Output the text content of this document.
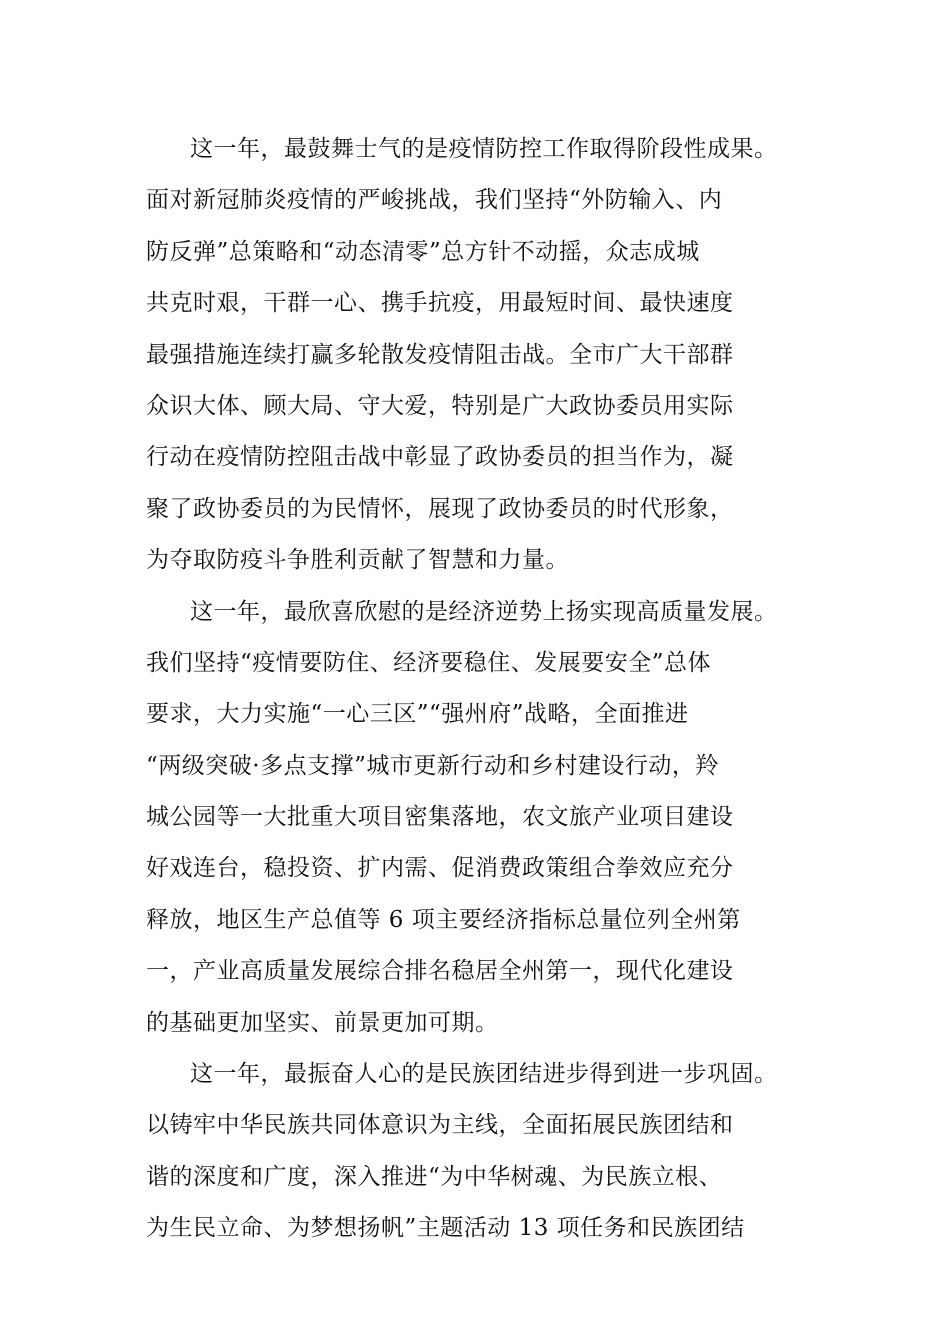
这一年，最鼓舞士气的是疫情防控工作取得阶段性成果。
面对新冠肺炎疫情的严峻挑战，我们坚持“外防输入、内
防反弹”总策略和“动态清零”总方针不动摇，众志成城
共克时艰，干群一心、携手抗疫，用最短时间、最快速度
最强措施连续打赢多轮散发疫情阻击战。全市广大干部群
众识大体、顾大局、守大爱，特别是广大政协委员用实际
行动在疫情防控阻击战中彰显了政协委员的担当作为，凝
聚了政协委员的为民情怀，展现了政协委员的时代形象，
为夺取防疫斗争胜利贡献了智慧和力量。
这一年，最欣喜欣慰的是经济逆势上扬实现高质量发展。
我们坚持“疫情要防住、经济要稳住、发展要安全”总体
要求，大力实施“一心三区”“强州府”战略，全面推进
“两级突破·多点支撑”城市更新行动和乡村建设行动，羚
城公园等一大批重大项目密集落地，农文旅产业项目建设
好戏连台，稳投资、扩内需、促消费政策组合拳效应充分
释放，地区生产总值等 6 项主要经济指标总量位列全州第
一，产业高质量发展综合排名稳居全州第一，现代化建设
的基础更加坚实、前景更加可期。
这一年，最振奋人心的是民族团结进步得到进一步巩固。
以铸牢中华民族共同体意识为主线，全面拓展民族团结和
谐的深度和广度，深入推进“为中华树魂、为民族立根、
为生民立命、为梦想扬帆”主题活动 13 项任务和民族团结
